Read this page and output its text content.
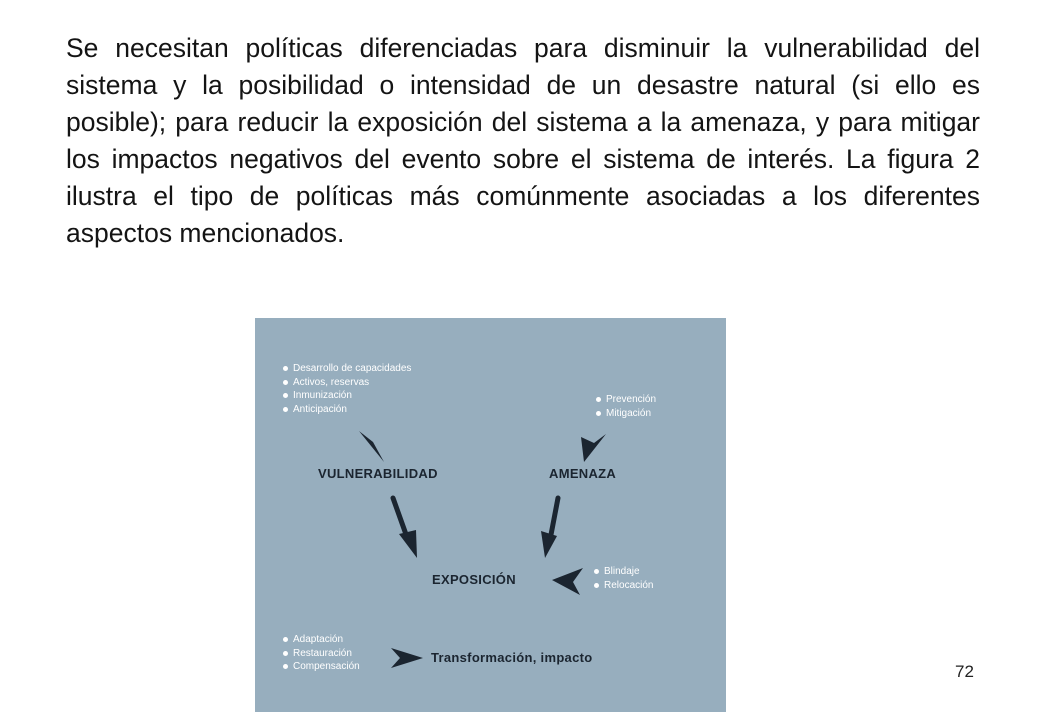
Se necesitan políticas diferenciadas para disminuir la vulnerabilidad del sistema y la posibilidad o intensidad de un desastre natural (si ello es posible); para reducir la exposición del sistema a la amenaza, y para mitigar los impactos negativos del evento sobre el sistema de interés. La figura 2 ilustra el tipo de políticas más comúnmente asociadas a los diferentes aspectos mencionados.

Desarrollo de capacidades
Activos, reservas
Inmunización
Anticipación
Prevención
Mitigación
VULNERABILIDAD	AMENAZA
EXPOSICIÓN
Blindaje
Relocación
Adaptación
Restauración
Compensación
Transformación, impacto
72
